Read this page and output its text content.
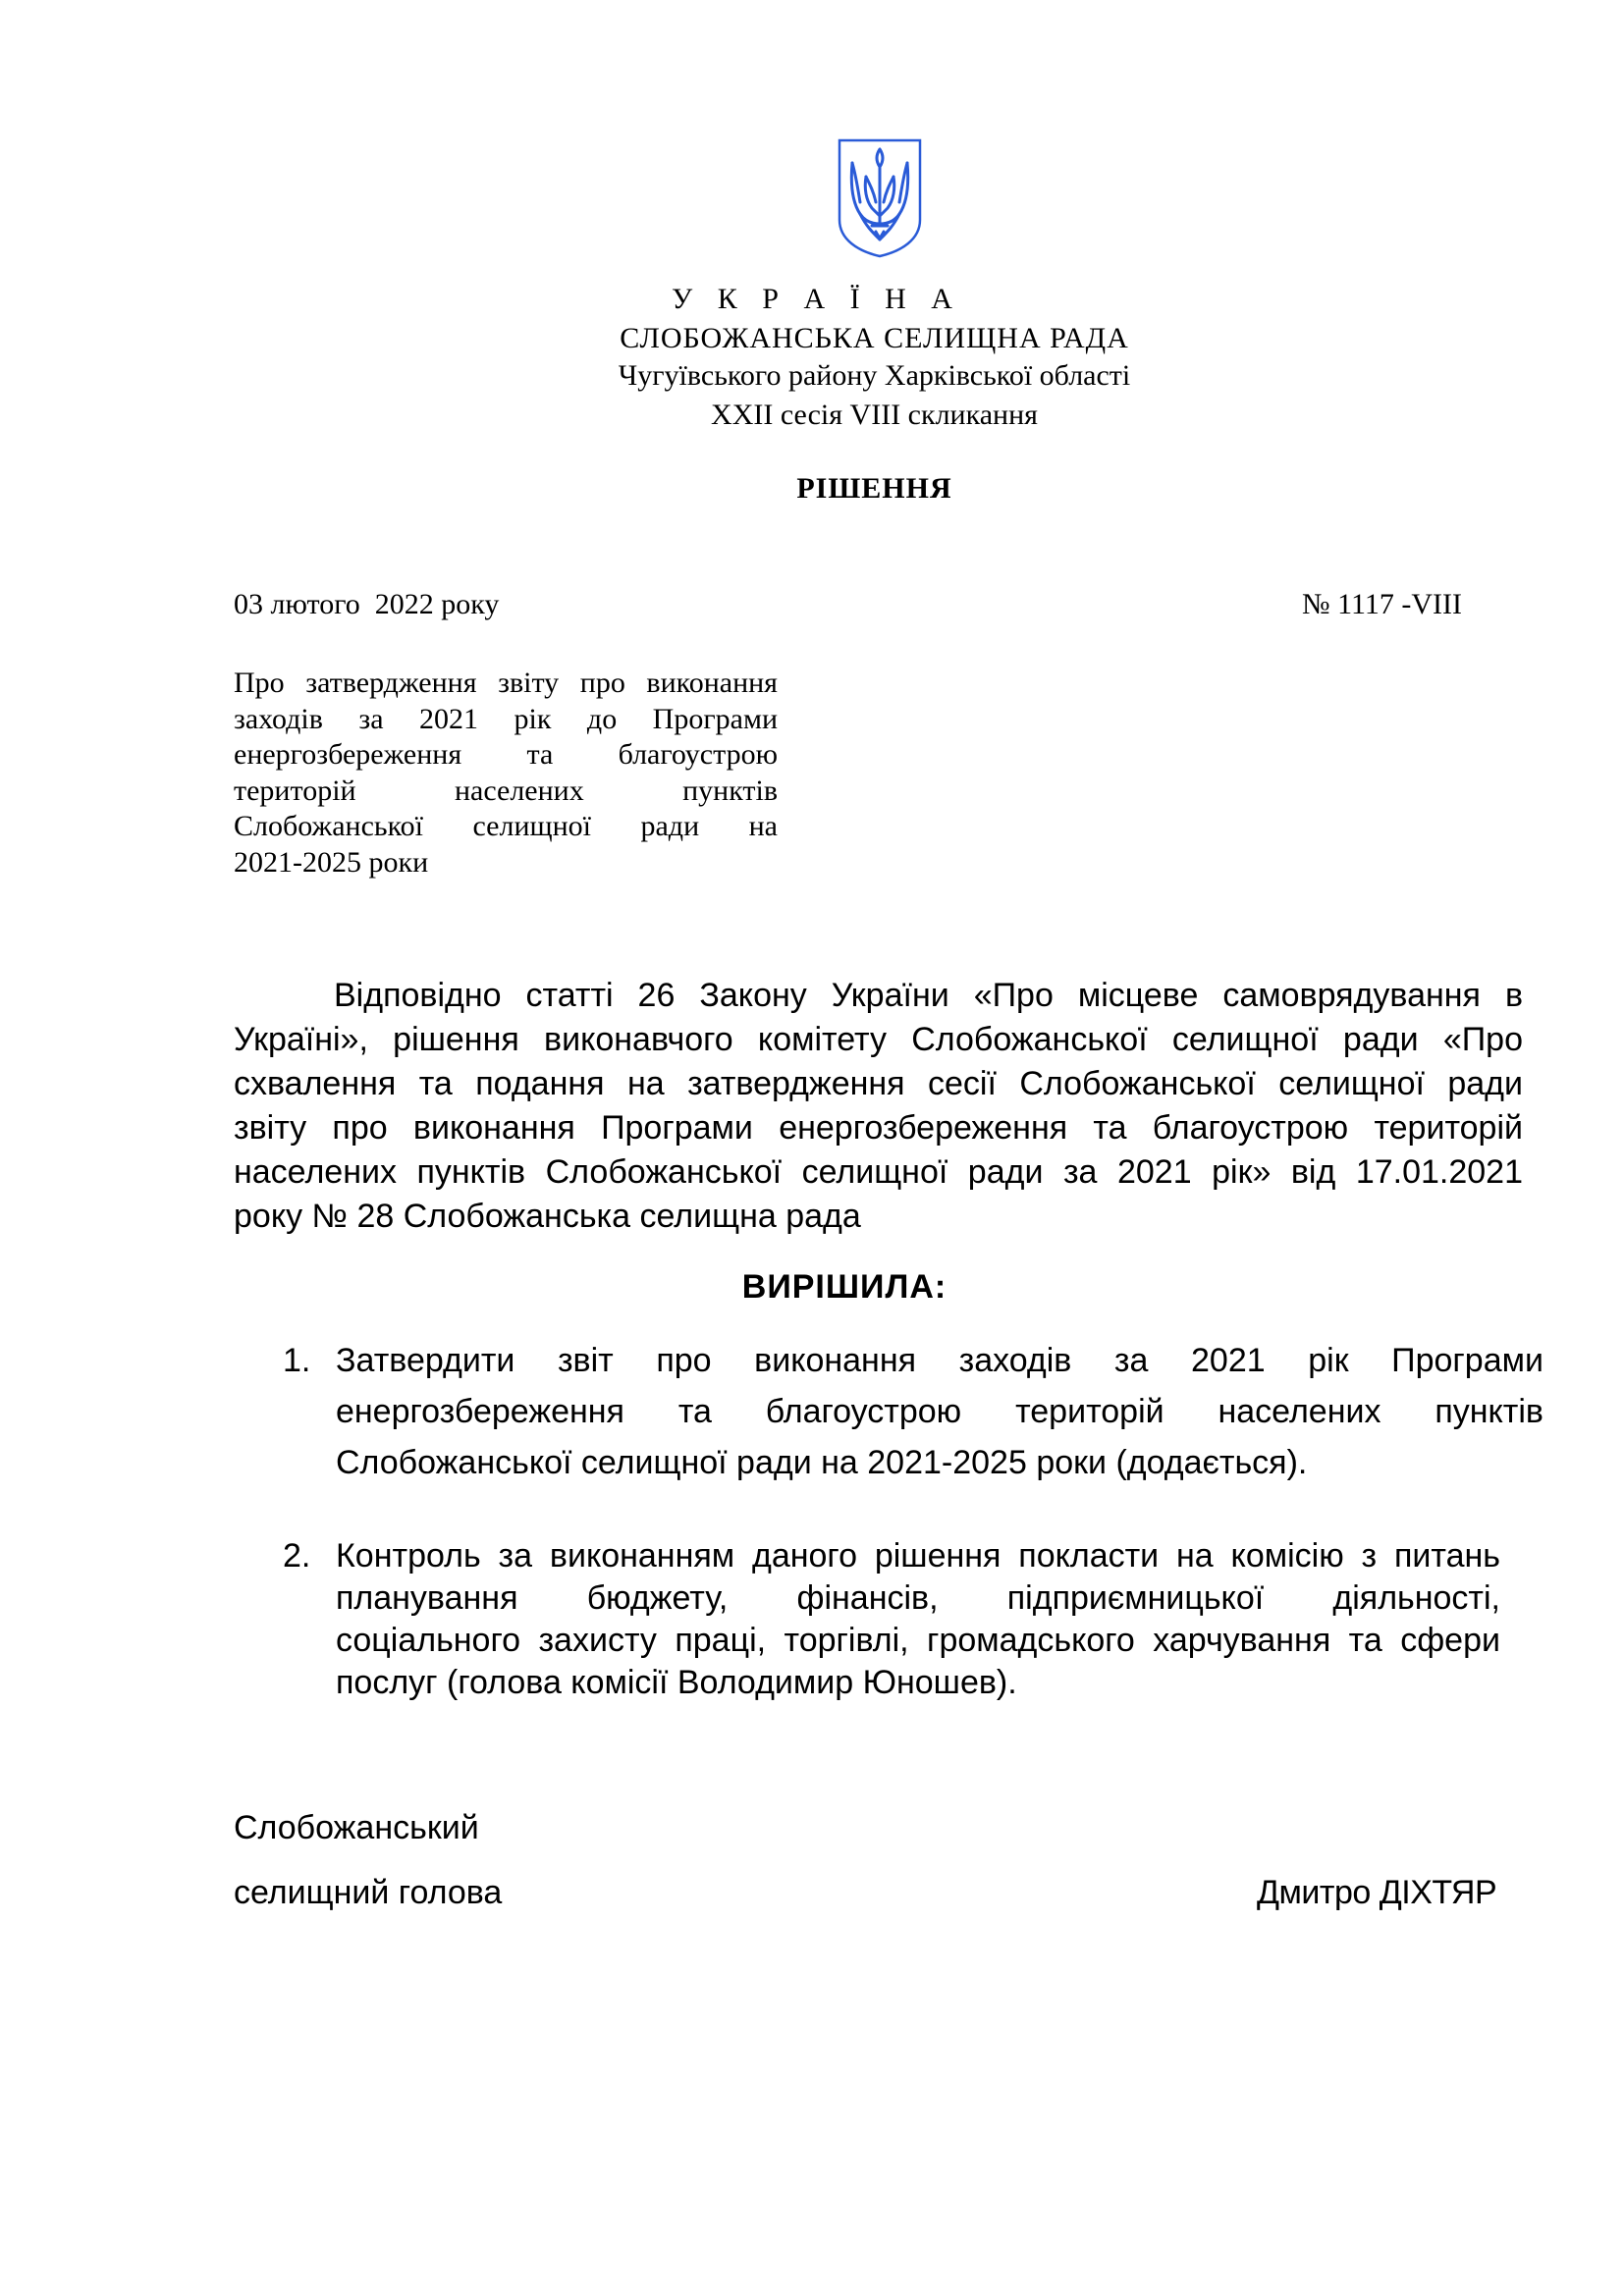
У К Р А Ї Н А
СЛОБОЖАНСЬКА СЕЛИЩНА РАДА
Чугуївського району Харківської області
XXII сесія VIII скликання
РІШЕННЯ
03 лютого  2022 року	№ 1117 -VIII
Про затвердження звіту про виконання
заходів за 2021 рік до Програми
енергозбереження та благоустрою
територій населених пунктів
Слобожанської селищної ради на
2021-2025 роки
Відповідно статті 26 Закону України «Про місцеве самоврядування в
Україні», рішення виконавчого комітету Слобожанської селищної ради «Про
схвалення та подання на затвердження сесії Слобожанської селищної ради
звіту про виконання Програми енергозбереження та благоустрою територій
населених пунктів Слобожанської селищної ради за 2021 рік» від 17.01.2021
року № 28 Слобожанська селищна рада
ВИРІШИЛА:
1. Затвердити звіт про виконання заходів за 2021 рік Програми
енергозбереження та благоустрою територій населених пунктів
Слобожанської селищної ради на 2021-2025 роки (додається).
2. Контроль за виконанням даного рішення покласти на комісію з питань
планування бюджету, фінансів, підприємницької діяльності,
соціального захисту праці, торгівлі, громадського харчування та сфери
послуг (голова комісії Володимир Юношев).
Слобожанський
селищний голова	Дмитро ДІХТЯР
